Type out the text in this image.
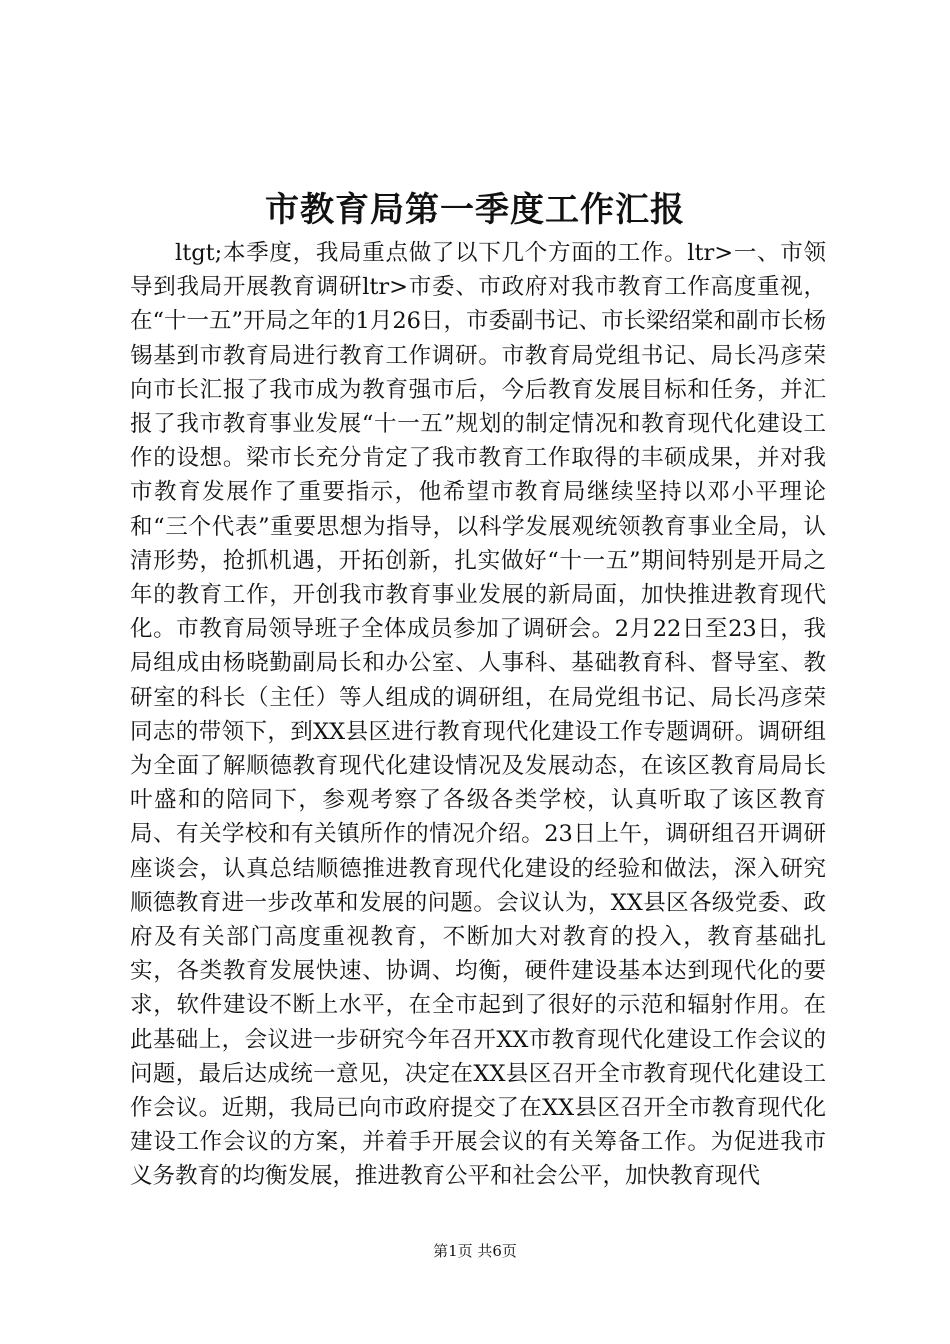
市教育局第一季度工作汇报

ltgt;本季度，我局重点做了以下几个方面的工作。ltr>一、市领导到我局开展教育调研ltr>市委、市政府对我市教育工作高度重视，在“十一五”开局之年的1月26日，市委副书记、市长梁绍棠和副市长杨锡基到市教育局进行教育工作调研。市教育局党组书记、局长冯彦荣向市长汇报了我市成为教育强市后，今后教育发展目标和任务，并汇报了我市教育事业发展“十一五”规划的制定情况和教育现代化建设工作的设想。梁市长充分肯定了我市教育工作取得的丰硕成果，并对我市教育发展作了重要指示，他希望市教育局继续坚持以邓小平理论和“三个代表”重要思想为指导，以科学发展观统领教育事业全局，认清形势，抢抓机遇，开拓创新，扎实做好“十一五”期间特别是开局之年的教育工作，开创我市教育事业发展的新局面，加快推进教育现代化。市教育局领导班子全体成员参加了调研会。2月22日至23日，我局组成由杨晓勤副局长和办公室、人事科、基础教育科、督导室、教研室的科长（主任）等人组成的调研组，在局党组书记、局长冯彦荣同志的带领下，到XX县区进行教育现代化建设工作专题调研。调研组为全面了解顺德教育现代化建设情况及发展动态，在该区教育局局长叶盛和的陪同下，参观考察了各级各类学校，认真听取了该区教育局、有关学校和有关镇所作的情况介绍。23日上午，调研组召开调研座谈会，认真总结顺德推进教育现代化建设的经验和做法，深入研究顺德教育进一步改革和发展的问题。会议认为，XX县区各级党委、政府及有关部门高度重视教育，不断加大对教育的投入，教育基础扎实，各类教育发展快速、协调、均衡，硬件建设基本达到现代化的要求，软件建设不断上水平，在全市起到了很好的示范和辐射作用。在此基础上，会议进一步研究今年召开XX市教育现代化建设工作会议的问题，最后达成统一意见，决定在XX县区召开全市教育现代化建设工作会议。近期，我局已向市政府提交了在XX县区召开全市教育现代化建设工作会议的方案，并着手开展会议的有关筹备工作。为促进我市义务教育的均衡发展，推进教育公平和社会公平，加快教育现代

第1页 共6页
